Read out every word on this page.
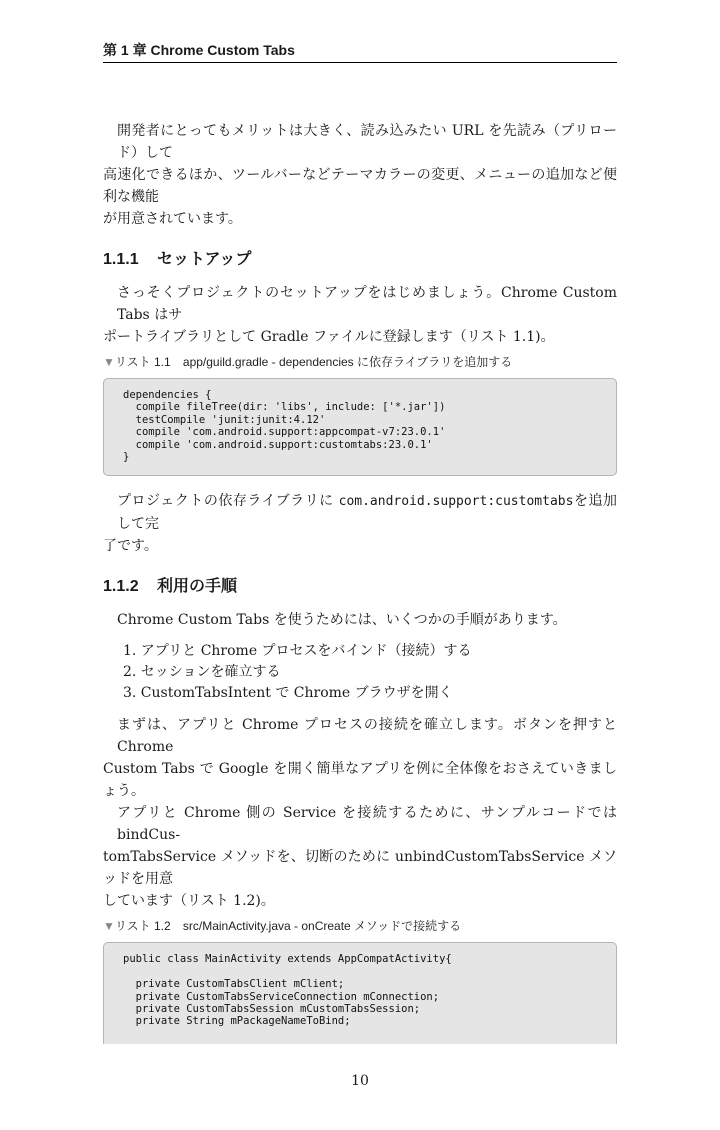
第 1 章 Chrome Custom Tabs
開発者にとってもメリットは大きく、読み込みたい URL を先読み（プリロード）して
高速化できるほか、ツールバーなどテーマカラーの変更、メニューの追加など便利な機能
が用意されています。
1.1.1 セットアップ
さっそくプロジェクトのセットアップをはじめましょう。Chrome Custom Tabs はサ
ポートライブラリとして Gradle ファイルに登録します（リスト 1.1)。
▼リスト 1.1 app/guild.gradle - dependencies に依存ライブラリを追加する
dependencies {
compile fileTree(dir: 'libs', include: ['*.jar'])
testCompile 'junit:junit:4.12'
compile 'com.android.support:appcompat-v7:23.0.1'
compile 'com.android.support:customtabs:23.0.1'
}
プロジェクトの依存ライブラリに com.android.support:customtabsを追加して完
了です。
1.1.2 利用の手順
Chrome Custom Tabs を使うためには、いくつかの手順があります。
1. アプリと Chrome プロセスをバインド（接続）する
2. セッションを確立する
3. CustomTabsIntent で Chrome ブラウザを開く
まずは、アプリと Chrome プロセスの接続を確立します。ボタンを押すと Chrome
Custom Tabs で Google を開く簡単なアプリを例に全体像をおさえていきましょう。
アプリと Chrome 側の Service を接続するために、サンプルコードでは bindCus-
tomTabsService メソッドを、切断のために unbindCustomTabsService メソッドを用意
しています（リスト 1.2)。
▼リスト 1.2 src/MainActivity.java - onCreate メソッドで接続する
public class MainActivity extends AppCompatActivity{

private CustomTabsClient mClient;
private CustomTabsServiceConnection mConnection;
private CustomTabsSession mCustomTabsSession;
private String mPackageNameToBind;
10
